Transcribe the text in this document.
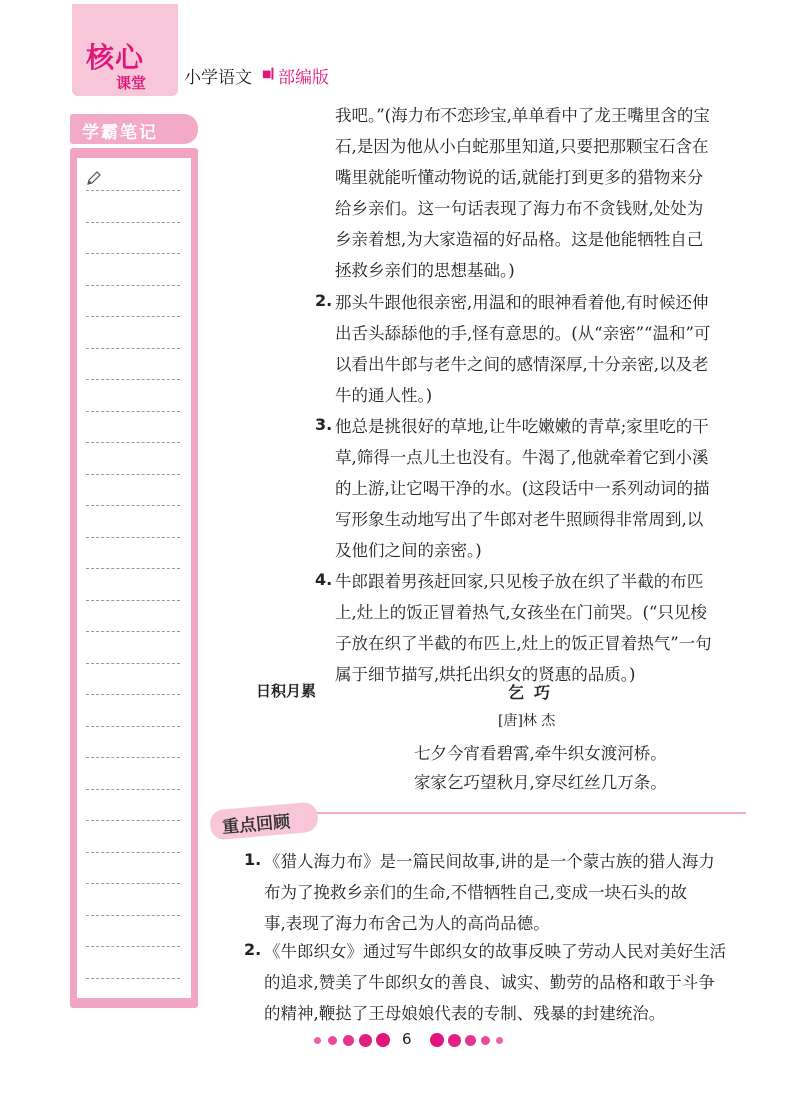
核心
课堂 小学语文 ■▎
部编版
学霸笔记
我吧。”(海力布不恋珍宝,单单看中了龙王嘴里含的宝
石,是因为他从小白蛇那里知道,只要把那颗宝石含在
嘴里就能听懂动物说的话,就能打到更多的猎物来分
给乡亲们。这一句话表现了海力布不贪钱财,处处为
乡亲着想,为大家造福的好品格。这是他能牺牲自己
拯救乡亲们的思想基础。)
2. 那头牛跟他很亲密,用温和的眼神看着他,有时候还伸
出舌头舔舔他的手,怪有意思的。(从“亲密”“温和”可
以看出牛郎与老牛之间的感情深厚,十分亲密,以及老
牛的通人性。)
3. 他总是挑很好的草地,让牛吃嫩嫩的青草;家里吃的干
草,筛得一点儿土也没有。牛渴了,他就牵着它到小溪
的上游,让它喝干净的水。(这段话中一系列动词的描
写形象生动地写出了牛郎对老牛照顾得非常周到,以
及他们之间的亲密。)
4. 牛郎跟着男孩赶回家,只见梭子放在织了半截的布匹
上,灶上的饭正冒着热气,女孩坐在门前哭。(“只见梭
子放在织了半截的布匹上,灶上的饭正冒着热气”一句
属于细节描写,烘托出织女的贤惠的品质。)
日积月累	乞巧
[唐]林 杰
七夕今宵看碧霄,牵牛织女渡河桥。
家家乞巧望秋月,穿尽红丝几万条。
重点回顾
1. 《猎人海力布》是一篇民间故事,讲的是一个蒙古族的猎人海力
布为了挽救乡亲们的生命,不惜牺牲自己,变成一块石头的故
事,表现了海力布舍己为人的高尚品德。
2. 《牛郎织女》通过写牛郎织女的故事反映了劳动人民对美好生活
的追求,赞美了牛郎织女的善良、诚实、勤劳的品格和敢于斗争
的精神,鞭挞了王母娘娘代表的专制、残暴的封建统治。
6
